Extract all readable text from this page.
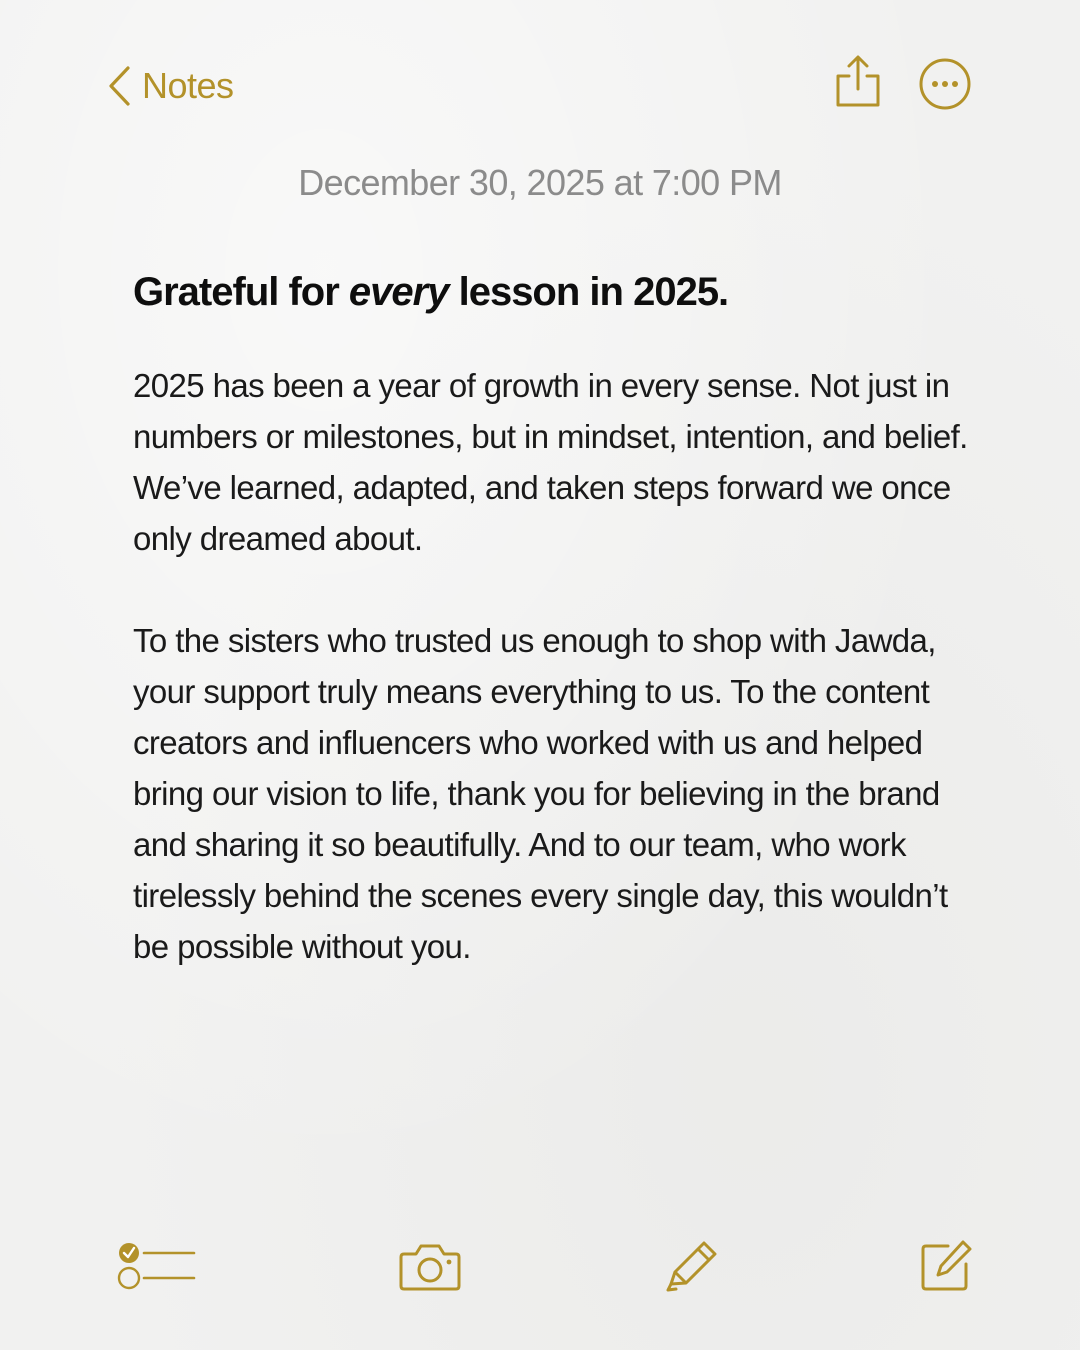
Notes
December 30, 2025 at 7:00 PM
Grateful for every lesson in 2025.

2025 has been a year of growth in every sense. Not just in numbers or milestones, but in mindset, intention, and belief. We’ve learned, adapted, and taken steps forward we once only dreamed about.

To the sisters who trusted us enough to shop with Jawda, your support truly means everything to us. To the content creators and influencers who worked with us and helped bring our vision to life, thank you for believing in the brand and sharing it so beautifully. And to our team, who work tirelessly behind the scenes every single day, this wouldn’t be possible without you.
